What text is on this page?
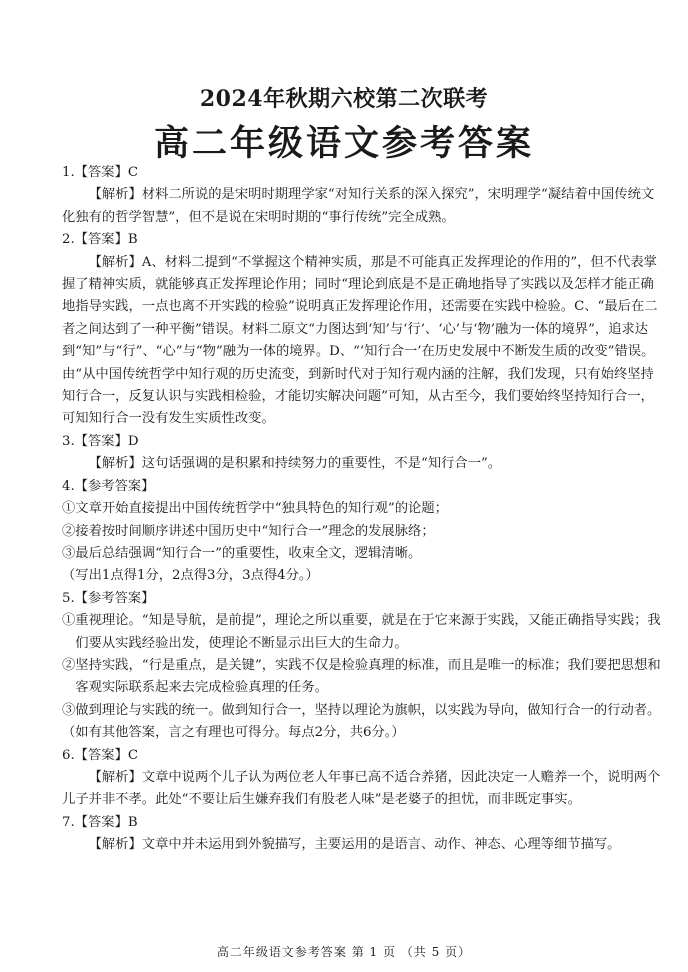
2024年秋期六校第二次联考
高二年级语文参考答案

1.【答案】C

【解析】材料二所说的是宋明时期理学家“对知行关系的深入探究”，宋明理学“凝结着中国传统文化独有的哲学智慧”，但不是说在宋明时期的“事行传统”完全成熟。

2.【答案】B

【解析】A、材料二提到“不掌握这个精神实质，那是不可能真正发挥理论的作用的”，但不代表掌握了精神实质，就能够真正发挥理论作用；同时“理论到底是不是正确地指导了实践以及怎样才能正确地指导实践，一点也离不开实践的检验”说明真正发挥理论作用，还需要在实践中检验。C、“最后在二者之间达到了一种平衡”错误。材料二原文“力图达到‘知’与‘行’、‘心’与‘物’融为一体的境界”，追求达到“知”与“行”、“心”与“物”融为一体的境界。D、“‘知行合一’在历史发展中不断发生质的改变”错误。由“从中国传统哲学中知行观的历史流变，到新时代对于知行观内涵的注解，我们发现，只有始终坚持知行合一，反复认识与实践相检验，才能切实解决问题”可知，从古至今，我们要始终坚持知行合一，可知知行合一没有发生实质性改变。

3.【答案】D

【解析】这句话强调的是积累和持续努力的重要性，不是“知行合一”。

4.【参考答案】

①文章开始直接提出中国传统哲学中“独具特色的知行观”的论题；

②接着按时间顺序讲述中国历史中“知行合一”理念的发展脉络；

③最后总结强调“知行合一”的重要性，收束全文，逻辑清晰。

（写出1点得1分，2点得3分，3点得4分。）

5.【参考答案】

①重视理论。“知是导航，是前提”，理论之所以重要，就是在于它来源于实践，又能正确指导实践；我们要从实践经验出发，使理论不断显示出巨大的生命力。

②坚持实践，“行是重点，是关键”，实践不仅是检验真理的标准，而且是唯一的标准；我们要把思想和客观实际联系起来去完成检验真理的任务。

③做到理论与实践的统一。做到知行合一，坚持以理论为旗帜，以实践为导向，做知行合一的行动者。

（如有其他答案，言之有理也可得分。每点2分，共6分。）

6.【答案】C

【解析】文章中说两个儿子认为两位老人年事已高不适合养猪，因此决定一人赡养一个，说明两个儿子并非不孝。此处“不要让后生嫌弃我们有股老人味”是老婆子的担忧，而非既定事实。

7.【答案】B

【解析】文章中并未运用到外貌描写，主要运用的是语言、动作、神态、心理等细节描写。

高二年级语文参考答案 第 1 页 （共 5 页）
